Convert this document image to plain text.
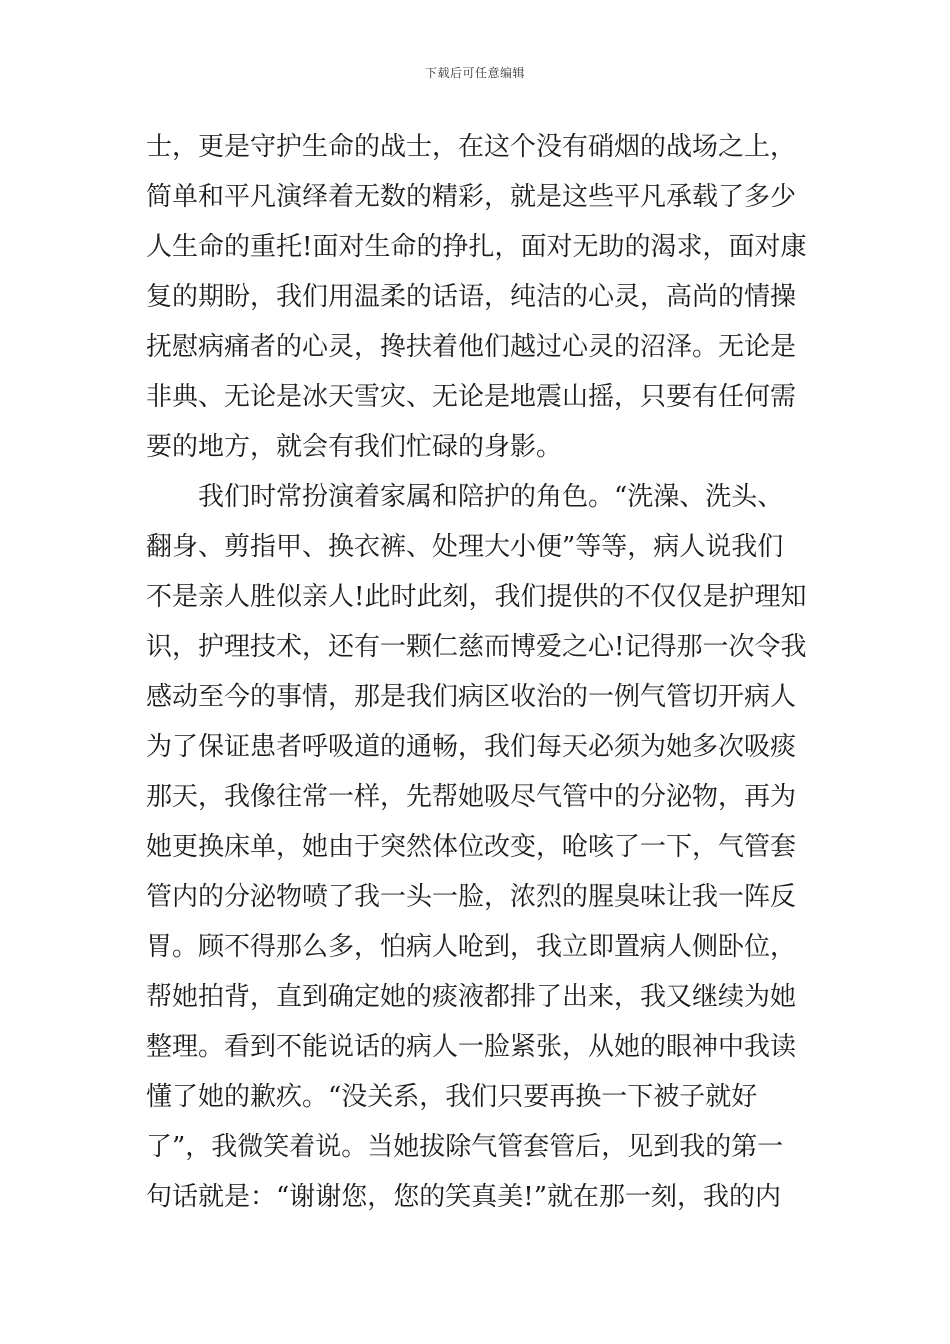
下载后可任意编辑
士，更是守护生命的战士，在这个没有硝烟的战场之上，
简单和平凡演绎着无数的精彩，就是这些平凡承载了多少
人生命的重托!面对生命的挣扎，面对无助的渴求，面对康
复的期盼，我们用温柔的话语，纯洁的心灵，高尚的情操
抚慰病痛者的心灵，搀扶着他们越过心灵的沼泽。无论是
非典、无论是冰天雪灾、无论是地震山摇，只要有任何需
要的地方，就会有我们忙碌的身影。
　　我们时常扮演着家属和陪护的角色。“洗澡、洗头、
翻身、剪指甲、换衣裤、处理大小便”等等，病人说我们
不是亲人胜似亲人!此时此刻，我们提供的不仅仅是护理知
识，护理技术，还有一颗仁慈而博爱之心!记得那一次令我
感动至今的事情，那是我们病区收治的一例气管切开病人
为了保证患者呼吸道的通畅，我们每天必须为她多次吸痰
那天，我像往常一样，先帮她吸尽气管中的分泌物，再为
她更换床单，她由于突然体位改变，呛咳了一下，气管套
管内的分泌物喷了我一头一脸，浓烈的腥臭味让我一阵反
胃。顾不得那么多，怕病人呛到，我立即置病人侧卧位，
帮她拍背，直到确定她的痰液都排了出来，我又继续为她
整理。看到不能说话的病人一脸紧张，从她的眼神中我读
懂了她的歉疚。“没关系，我们只要再换一下被子就好
了”，我微笑着说。当她拔除气管套管后，见到我的第一
句话就是：“谢谢您，您的笑真美!”就在那一刻，我的内
